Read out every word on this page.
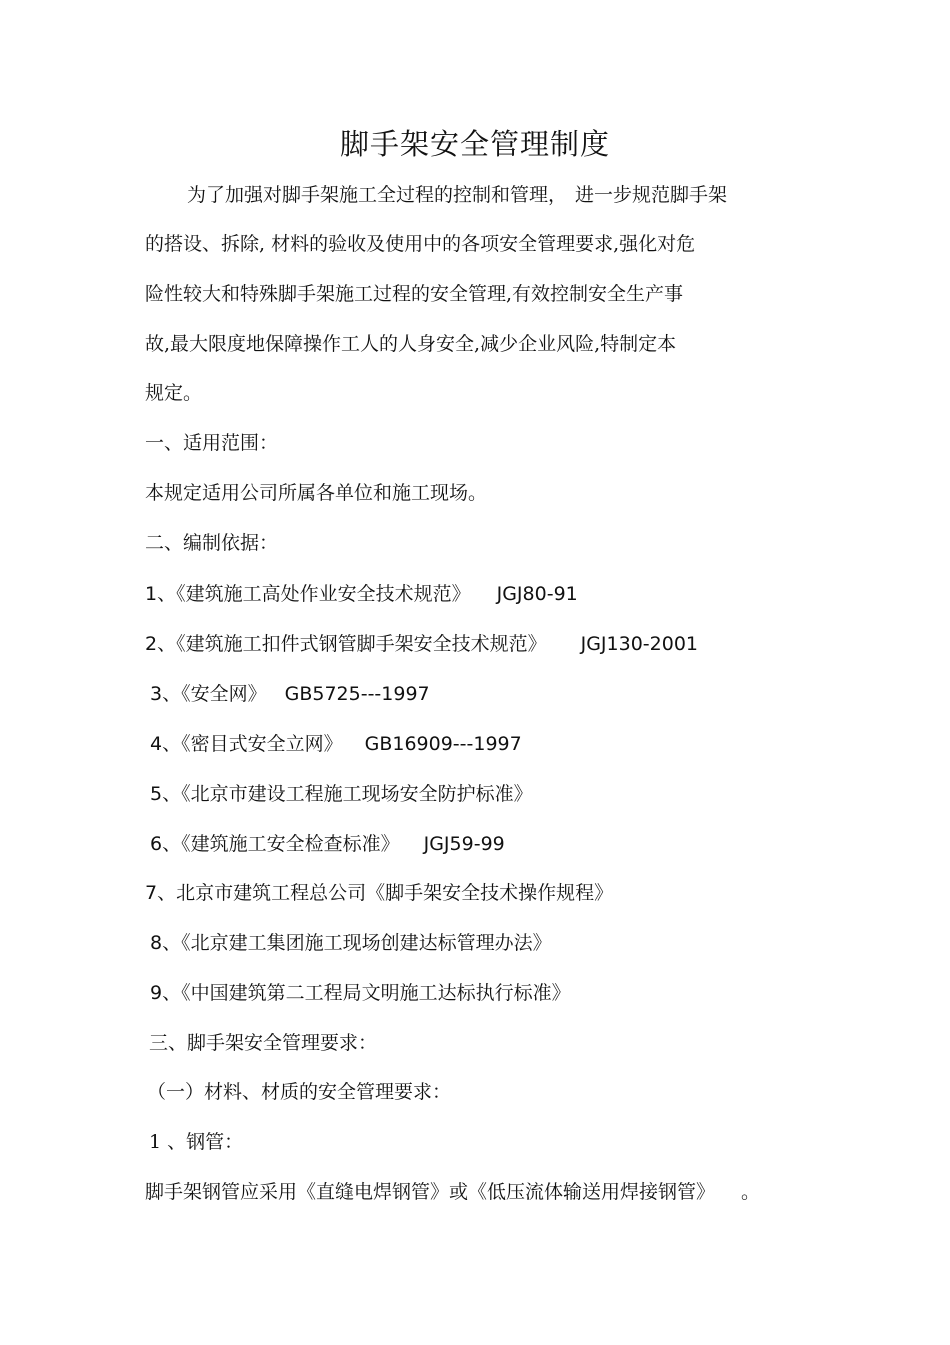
脚手架安全管理制度
为了加强对脚手架施工全过程的控制和管理， 进一步规范脚手架
的搭设、拆除, 材料的验收及使用中的各项安全管理要求,强化对危
险性较大和特殊脚手架施工过程的安全管理,有效控制安全生产事
故,最大限度地保障操作工人的人身安全,减少企业风险,特制定本
规定。
一、适用范围：
本规定适用公司所属各单位和施工现场。
二、编制依据：
1、《建筑施工高处作业安全技术规范》 JGJ80-91
2、《建筑施工扣件式钢管脚手架安全技术规范》 JGJ130-2001
3、《安全网》 GB5725---1997
4、《密目式安全立网》 GB16909---1997
5、《北京市建设工程施工现场安全防护标准》
6、《建筑施工安全检查标准》 JGJ59-99
7、北京市建筑工程总公司《脚手架安全技术操作规程》
8、《北京建工集团施工现场创建达标管理办法》
9、《中国建筑第二工程局文明施工达标执行标准》
三、脚手架安全管理要求：
（一）材料、材质的安全管理要求：
1 、钢管：
脚手架钢管应采用《直缝电焊钢管》或《低压流体输送用焊接钢管》 。
